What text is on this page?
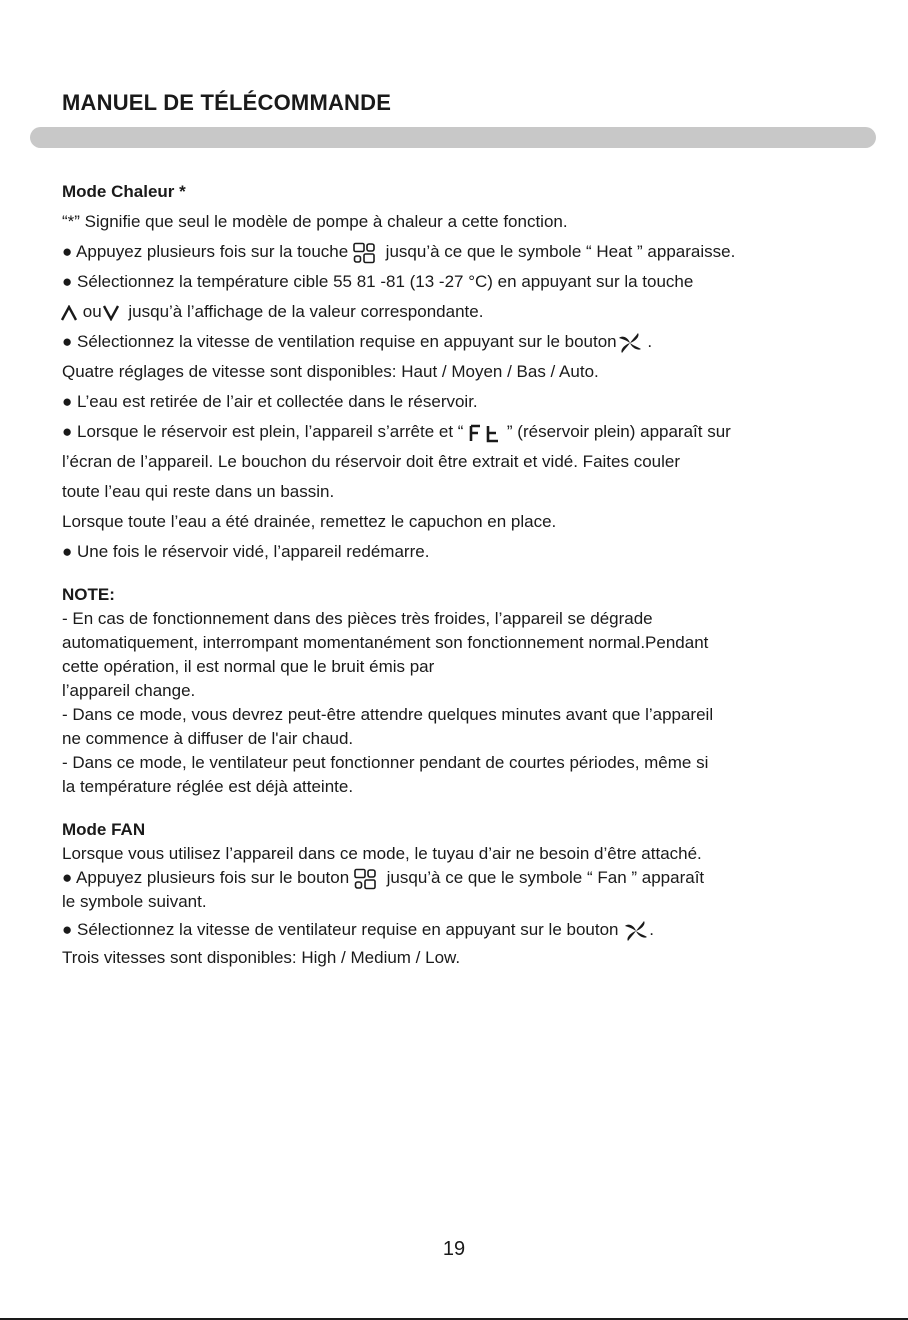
MANUEL DE TÉLÉCOMMANDE
Mode Chaleur *
“*” Signifie que seul le modèle de pompe à chaleur a cette fonction.
● Appuyez plusieurs fois sur la touche jusqu’à ce que le symbole “ Heat ” apparaisse.
● Sélectionnez la température cible 55 81 -81 (13 -27 °C) en appuyant sur la touche
ou jusqu’à l’affichage de la valeur correspondante.
● Sélectionnez la vitesse de ventilation requise en appuyant sur le bouton .
Quatre réglages de vitesse sont disponibles: Haut / Moyen / Bas / Auto.
● L’eau est retirée de l’air et collectée dans le réservoir.
● Lorsque le réservoir est plein, l’appareil s’arrête et “	” (réservoir plein) apparaît sur
l’écran de l’appareil. Le bouchon du réservoir doit être extrait et vidé. Faites couler
toute l’eau qui reste dans un bassin.
Lorsque toute l’eau a été drainée, remettez le capuchon en place.
● Une fois le réservoir vidé, l’appareil redémarre.
NOTE:
- En cas de fonctionnement dans des pièces très froides, l’appareil se dégrade
automatiquement, interrompant momentanément son fonctionnement normal.Pendant
cette opération, il est normal que le bruit émis par
l’appareil change.
- Dans ce mode, vous devrez peut-être attendre quelques minutes avant que l’appareil
ne commence à diffuser de l'air chaud.
- Dans ce mode, le ventilateur peut fonctionner pendant de courtes périodes, même si
la température réglée est déjà atteinte.
Mode FAN
Lorsque vous utilisez l’appareil dans ce mode, le tuyau d’air ne besoin d’être attaché.
● Appuyez plusieurs fois sur le bouton jusqu’à ce que le symbole “ Fan ” apparaît
le symbole suivant.
● Sélectionnez la vitesse de ventilateur requise en appuyant sur le bouton .
Trois vitesses sont disponibles: High / Medium / Low.
19
